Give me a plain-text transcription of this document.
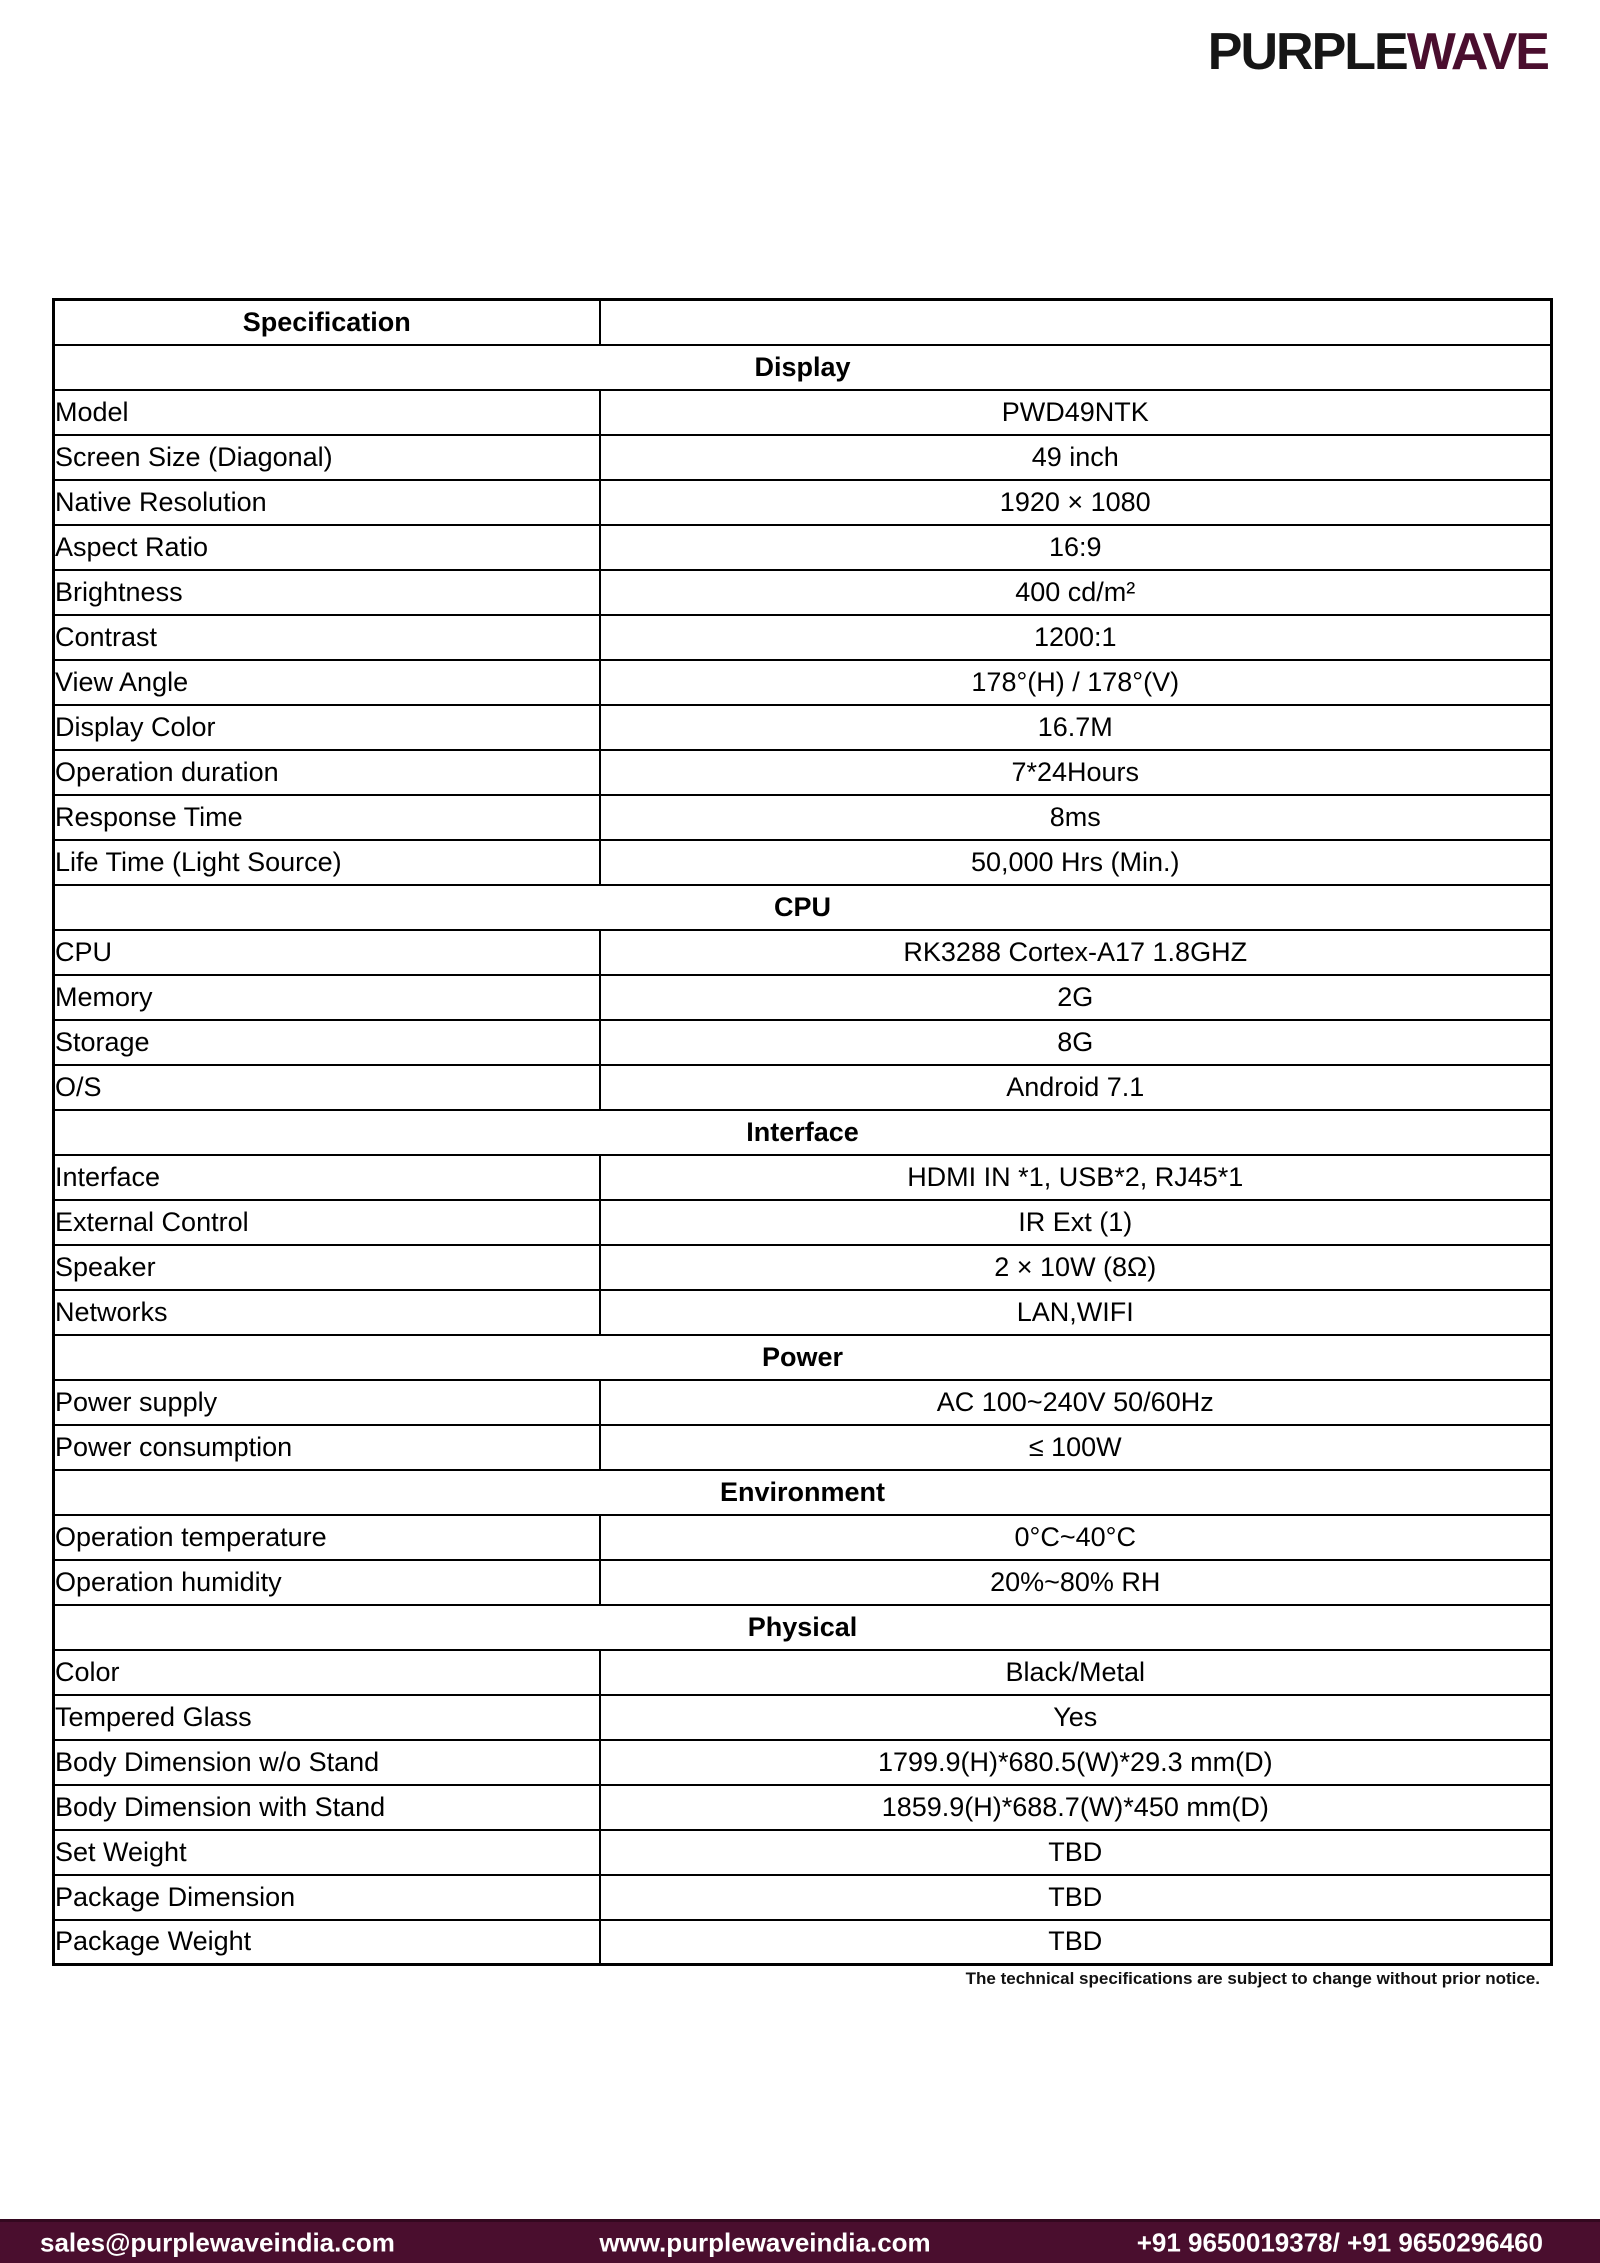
PURPLEWAVE
Specification	
Display	
Model	PWD49NTK
Screen Size (Diagonal)	49 inch
Native Resolution	1920 × 1080
Aspect Ratio	16:9
Brightness	400 cd/m²
Contrast	1200:1
View Angle	178°(H) / 178°(V)
Display Color	16.7M
Operation duration	7*24Hours
Response Time	8ms
Life Time (Light Source)	50,000 Hrs (Min.)
CPU	
CPU	RK3288 Cortex-A17 1.8GHZ
Memory	2G
Storage	8G
O/S	Android 7.1
Interface	
Interface	HDMI IN *1, USB*2, RJ45*1
External Control	IR Ext (1)
Speaker	2 × 10W (8Ω)
Networks	LAN,WIFI
Power	
Power supply	AC 100~240V 50/60Hz
Power consumption	≤ 100W
Environment	
Operation temperature	0°C~40°C
Operation humidity	20%~80% RH
Physical	
Color	Black/Metal
Tempered Glass	Yes
Body Dimension w/o Stand	1799.9(H)*680.5(W)*29.3 mm(D)
Body Dimension with Stand	1859.9(H)*688.7(W)*450 mm(D)
Set Weight	TBD
Package Dimension	TBD
Package Weight	TBD
The technical specifications are subject to change without prior notice.
sales@purplewaveindia.com	www.purplewaveindia.com	+91 9650019378/ +91 9650296460
